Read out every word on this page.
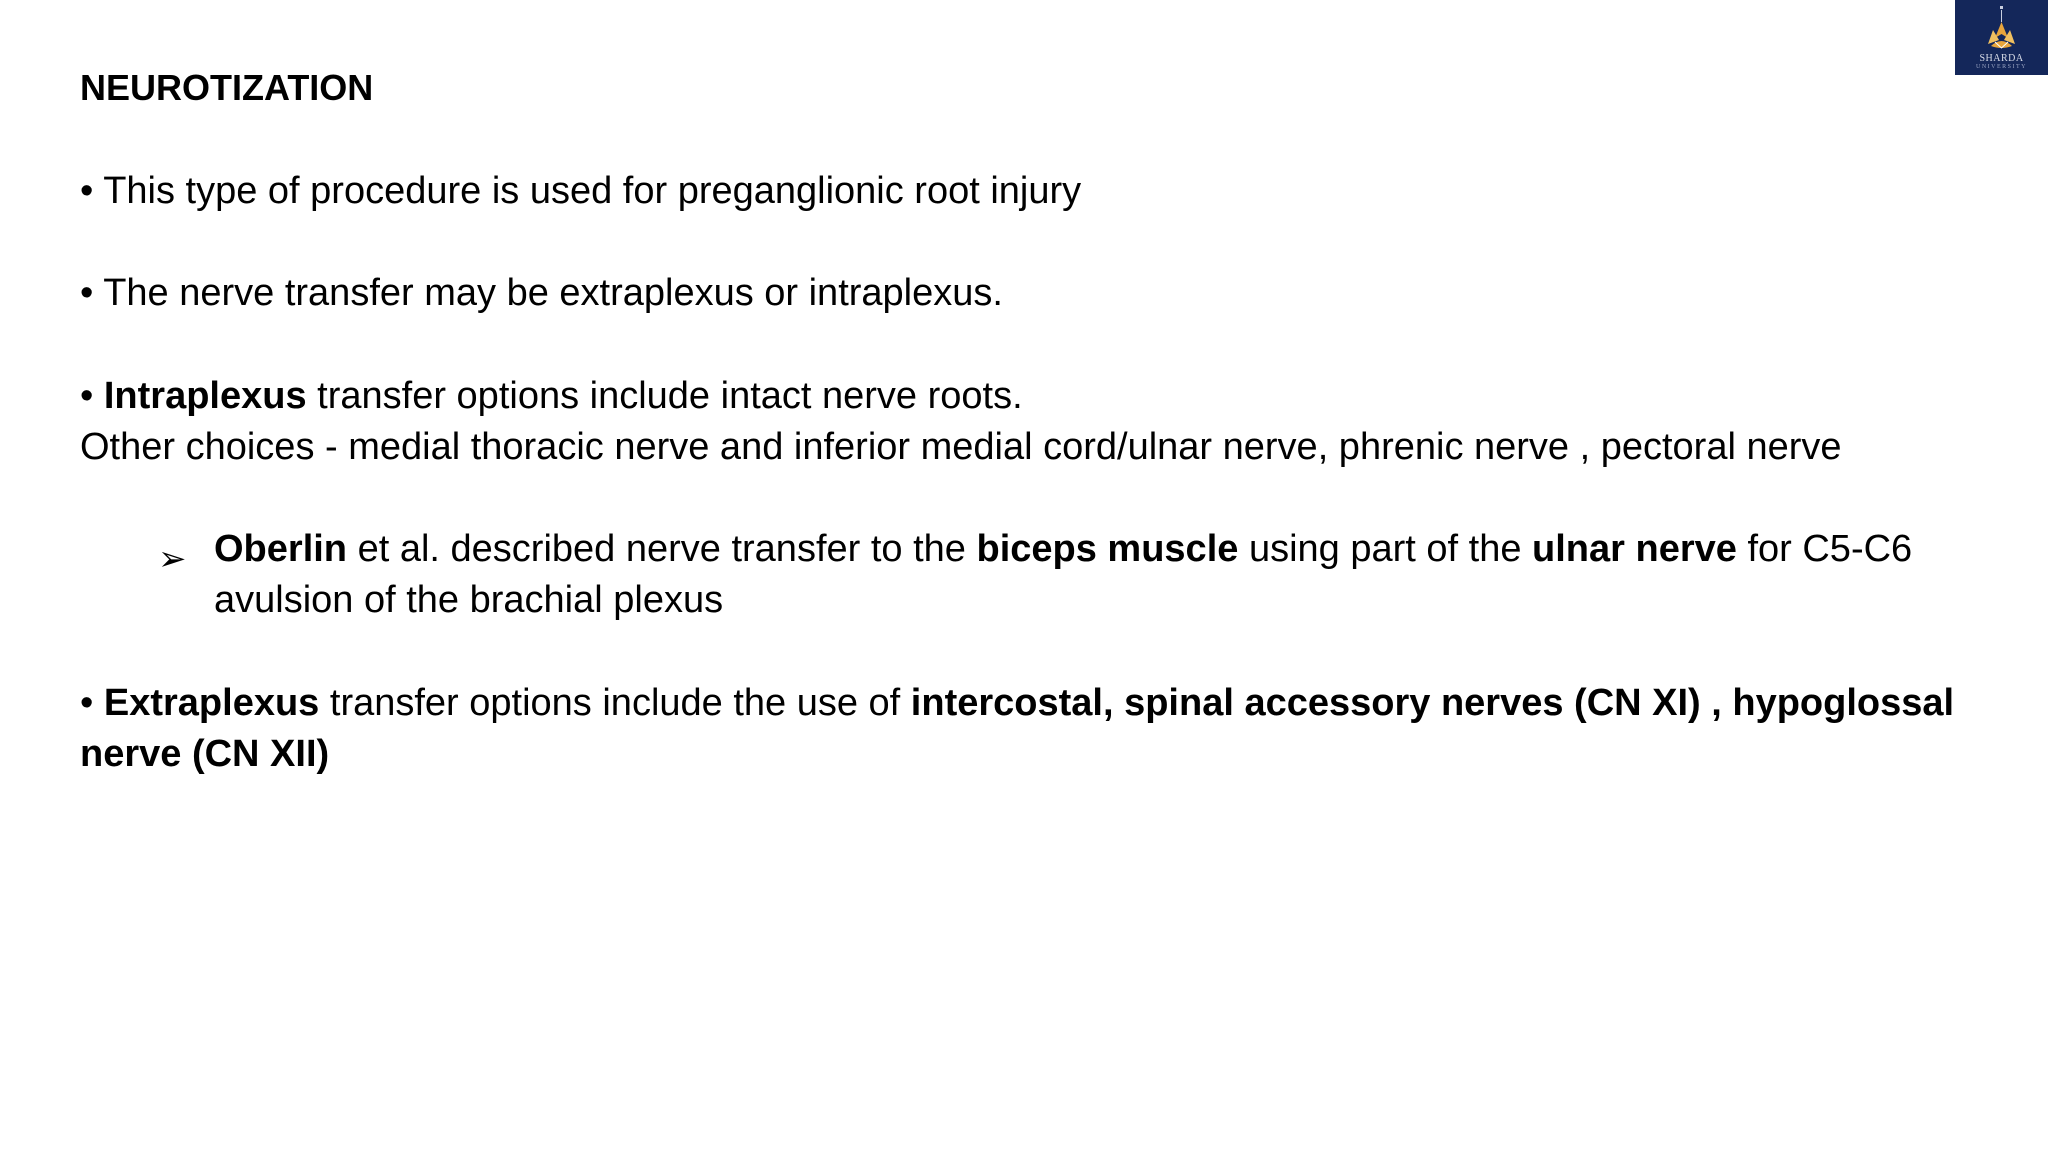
SHARDA
UNIVERSITY
NEUROTIZATION
• This type of procedure is used for preganglionic root injury
• The nerve transfer may be extraplexus or intraplexus.
• Intraplexus transfer options include intact nerve roots.
Other choices - medial thoracic nerve and inferior medial cord/ulnar nerve, phrenic nerve , pectoral nerve
➢ Oberlin et al. described nerve transfer to the biceps muscle using part of the ulnar nerve for C5-C6
avulsion of the brachial plexus
• Extraplexus transfer options include the use of intercostal, spinal accessory nerves (CN XI) , hypoglossal
nerve (CN XII)
